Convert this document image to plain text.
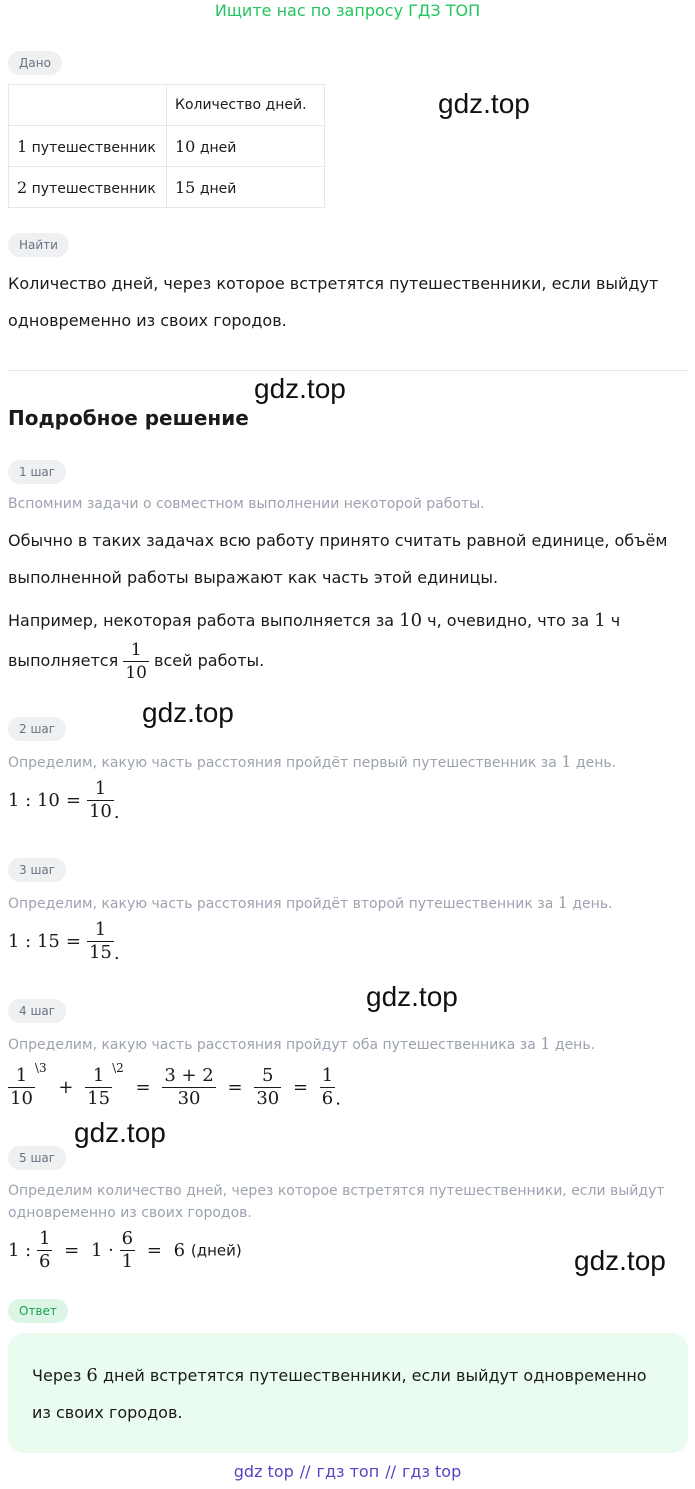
Ищите нас по запросу ГДЗ ТОП
Дано
	Количество дней.
1 путешественник	10 дней
2 путешественник	15 дней
gdz.top
Найти
Количество дней, через которое встретятся путешественники, если выйдут
одновременно из своих городов.
gdz.top
Подробное решение
1 шаг
Вспомним задачи о совместном выполнении некоторой работы.
Обычно в таких задачах всю работу принято считать равной единице, объём
выполненной работы выражают как часть этой единицы.
Например, некоторая работа выполняется за 10 ч, очевидно, что за 1 ч
выполняется $\frac{1}{10}$ всей работы.
gdz.top
2 шаг
Определим, какую часть расстояния пройдёт первый путешественник за 1 день.
1 : $10 = \frac{1}{10}$ .
3 шаг
Определим, какую часть расстояния пройдёт второй путешественник за 1 день.
1 : $15 = \frac{1}{15}$ .
gdz.top
4 шаг
Определим, какую часть расстояния пройдут оба путешественника за 1 день.
$\frac{1}{10} ^{\backslash 3} + \frac{1}{15} ^{\backslash 2} = \frac{3 + 2}{30} = \frac{5}{30} = \frac{1}{6}$ .
gdz.top
5 шаг
Определим количество дней, через которое встретятся путешественники, если выйдут
одновременно из своих городов.
1 : $\frac{1}{6} = 1 \cdot \frac{6}{1} = 6$ (дней)	gdz.top
Ответ
Через 6 дней встретятся путешественники, если выйдут одновременно
из своих городов.
gdz top // гдз топ // гдз top
